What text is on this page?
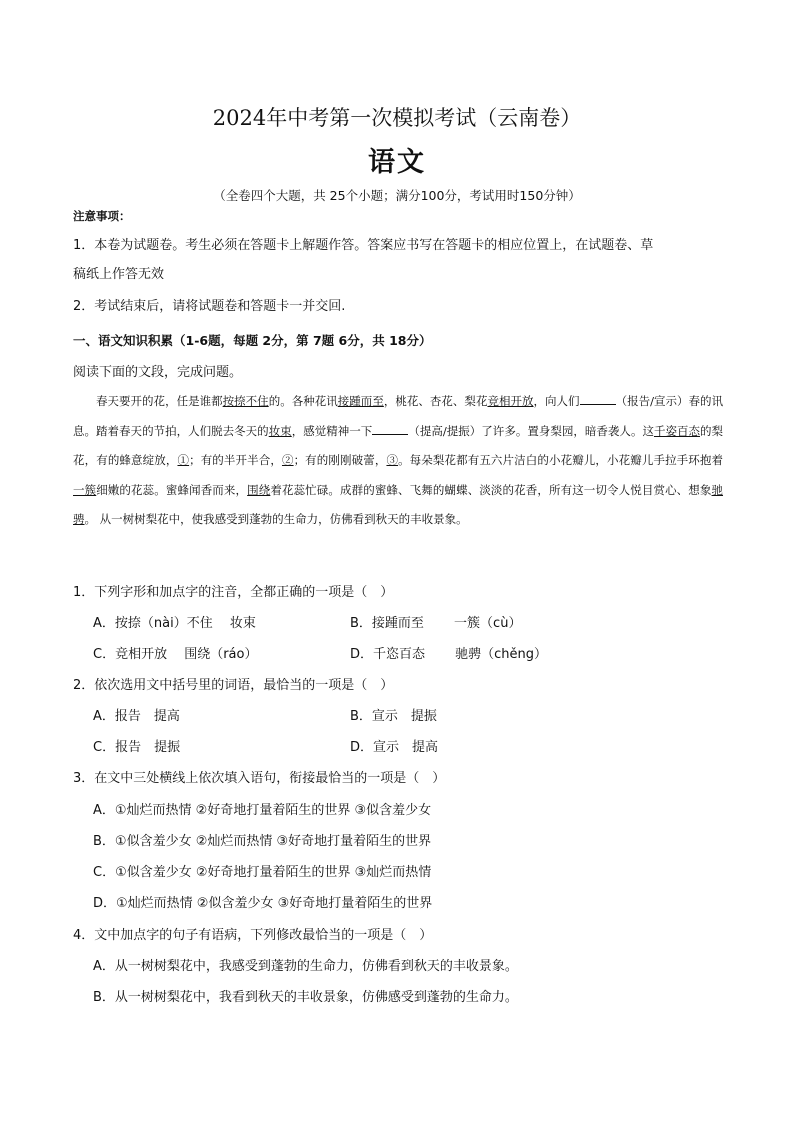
2024年中考第一次模拟考试（云南卷）
语文
（全卷四个大题，共 25个小题；满分100分，考试用时150分钟）
注意事项：
1．本卷为试题卷。考生必须在答题卡上解题作答。答案应书写在答题卡的相应位置上，在试题卷、草
稿纸上作答无效
2．考试结束后，请将试题卷和答题卡一并交回.
一、语文知识积累（1-6题，每题 2分，第 7题 6分，共 18分）
阅读下面的文段，完成问题。

春天要开的花，任是谁都按捺不住的。各种花讯接踵而至，桃花、杏花、梨花竞相开放，向人们	（报告/宣示）春的讯息。踏着春天的节拍，人们脱去冬天的妆束，感觉精神一下	（提高/提振）了许多。置身梨园，暗香袭人。这千姿百态的梨花，有的蜂意绽放，①；有的半开半合，②；有的刚刚破蕾，③。每朵梨花都有五六片洁白的小花瓣儿，小花瓣儿手拉手环抱着一簇细嫩的花蕊。蜜蜂闻香而来，围绕着花蕊忙碌。成群的蜜蜂、飞舞的蝴蝶、淡淡的花香，所有这一切令人悦目赏心、想象驰骋。 从一树树梨花中，使我感受到蓬勃的生命力，仿佛看到秋天的丰收景象。

1．下列字形和加点字的注音，全都正确的一项是（　）
A．按捺（nài）不住　 妆束	B．接踵而至　　 一簇（cù）
C．竞相开放　 围绕（ráo）	D．千恣百态　　 驰骋（chěng）
2．依次选用文中括号里的词语，最恰当的一项是（　）
A．报告　提高	B．宣示　提振
C．报告　提振	D．宣示　提高
3．在文中三处横线上依次填入语句，衔接最恰当的一项是（　）
A．①灿烂而热情 ②好奇地打量着陌生的世界 ③似含羞少女
B．①似含羞少女 ②灿烂而热情 ③好奇地打量着陌生的世界
C．①似含羞少女 ②好奇地打量着陌生的世界 ③灿烂而热情
D．①灿烂而热情 ②似含羞少女 ③好奇地打量着陌生的世界
4．文中加点字的句子有语病，下列修改最恰当的一项是（　）
A．从一树树梨花中，我感受到蓬勃的生命力，仿佛看到秋天的丰收景象。
B．从一树树梨花中，我看到秋天的丰收景象，仿佛感受到蓬勃的生命力。
